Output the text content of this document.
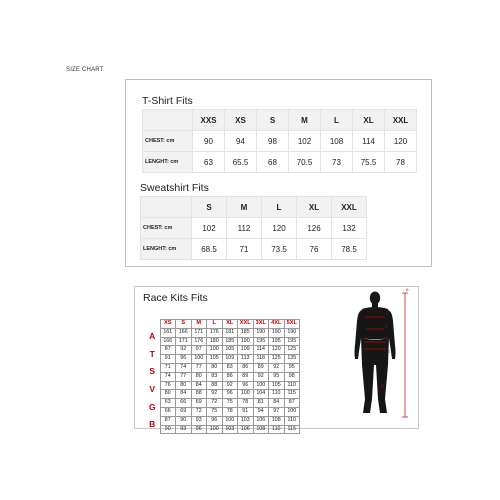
SIZE CHART
T-Shirt Fits
	XXS	XS	S	M	L	XL	XXL
CHEST: cm	90	94	98	102	108	114	120
LENGHT: cm	63	65.5	68	70.5	73	75.5	78
Sweatshirt Fits
	S	M	L	XL	XXL
CHEST: cm	102	112	120	126	132
LENGHT: cm	68.5	71	73.5	76	78.5
Race Kits Fits
	XS	S	M	L	XL	XXL	3XL	4XL	5XL
A	161	166	171	176	181	185	190	190	190
	166	171	176	180	185	190	195	195	195
T	87	92	97	100	105	109	114	120	125
	91	96	100	105	109	113	118	125	135
S	71	74	77	80	83	86	89	92	95
	74	77	80	83	86	89	92	95	98
V	76	80	84	88	92	96	100	105	110
	80	84	88	92	96	100	104	110	115
G	63	66	69	72	75	78	81	84	87
	66	69	72	75	78	91	94	97	100
B	87	90	93	96	100	103	106	108	110
	90	93	96	100	103	106	108	110	115
A
T
S
V
G
B
